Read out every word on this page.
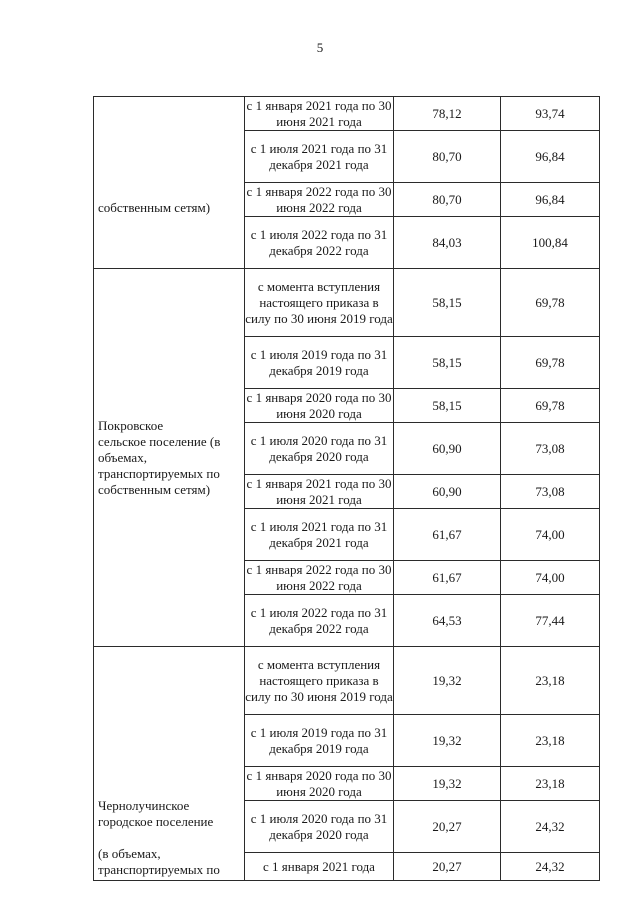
5
собственным сетям)	с 1 января 2021 года по 30 июня 2021 года	78,12	93,74
	с 1 июля 2021 года по 31 декабря 2021 года	80,70	96,84
	с 1 января 2022 года по 30 июня 2022 года	80,70	96,84
	с 1 июля 2022 года по 31 декабря 2022 года	84,03	100,84

Покровское
сельское поселение (в
объемах,
транспортируемых по
собственным сетям)	с момента вступления настоящего приказа в силу по 30 июня 2019 года	58,15	69,78
	с 1 июля 2019 года по 31 декабря 2019 года	58,15	69,78
	с 1 января 2020 года по 30 июня 2020 года	58,15	69,78
	с 1 июля 2020 года по 31 декабря 2020 года	60,90	73,08
	с 1 января 2021 года по 30 июня 2021 года	60,90	73,08
	с 1 июля 2021 года по 31 декабря 2021 года	61,67	74,00
	с 1 января 2022 года по 30 июня 2022 года	61,67	74,00
	с 1 июля 2022 года по 31 декабря 2022 года	64,53	77,44

Чернолучинское
городское поселение
(в объемах,
транспортируемых по	с момента вступления настоящего приказа в силу по 30 июня 2019 года	19,32	23,18
	с 1 июля 2019 года по 31 декабря 2019 года	19,32	23,18
	с 1 января 2020 года по 30 июня 2020 года	19,32	23,18
	с 1 июля 2020 года по 31 декабря 2020 года	20,27	24,32
	с 1 января 2021 года	20,27	24,32
